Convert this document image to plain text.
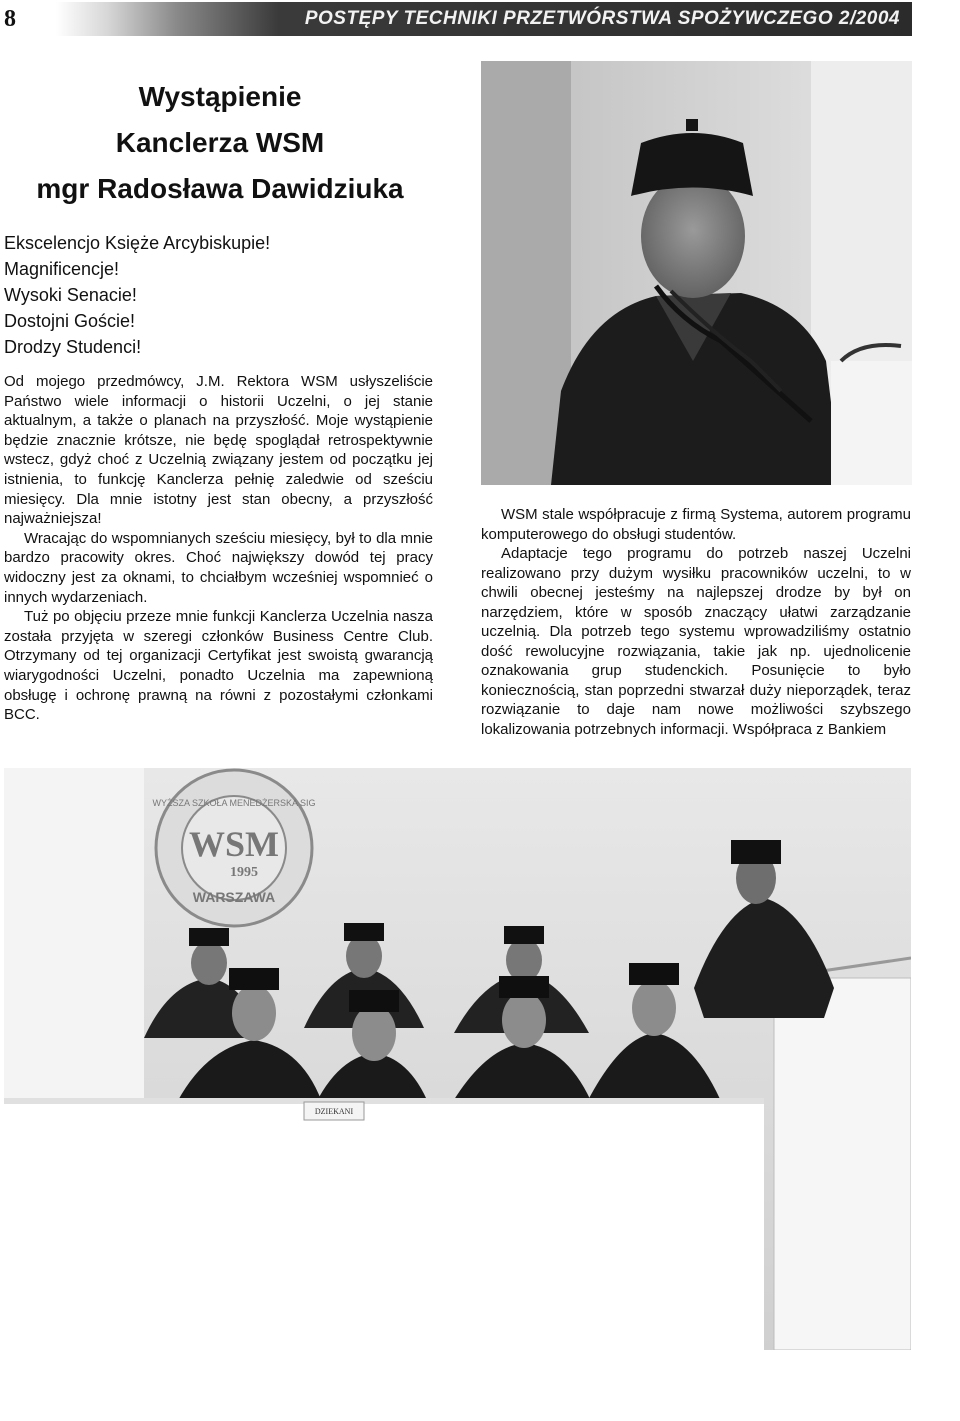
8	POSTĘPY TECHNIKI PRZETWÓRSTWA SPOŻYWCZEGO 2/2004
Wystąpienie
Kanclerza WSM
mgr Radosława Dawidziuka
Ekscelencjo Księże Arcybiskupie!
Magnificencje!
Wysoki Senacie!
Dostojni Goście!
Drodzy Studenci!

Od mojego przedmówcy, J.M. Rektora WSM usłyszeliście Państwo wiele informacji o historii Uczelni, o jej stanie aktualnym, a także o planach na przyszłość. Moje wystąpienie będzie znacznie krótsze, nie będę spoglądał retrospektywnie wstecz, gdyż choć z Uczelnią związany jestem od początku jej istnienia, to funkcję Kanclerza pełnię zaledwie od sześciu miesięcy. Dla mnie istotny jest stan obecny, a przyszłość najważniejsza!

Wracając do wspomnianych sześciu miesięcy, był to dla mnie bardzo pracowity okres. Choć największy dowód tej pracy widoczny jest za oknami, to chciałbym wcześniej wspomnieć o innych wydarzeniach.

Tuż po objęciu przeze mnie funkcji Kanclerza Uczelnia nasza została przyjęta w szeregi członków Business Centre Club. Otrzymany od tej organizacji Certyfikat jest swoistą gwarancją wiarygodności Uczelni, ponadto Uczelnia ma zapewnioną obsługę i ochronę prawną na równi z pozostałymi członkami BCC.

WSM stale współpracuje z firmą Systema, autorem programu komputerowego do obsługi studentów.

Adaptacje tego programu do potrzeb naszej Uczelni realizowano przy dużym wysiłku pracowników uczelni, to w chwili obecnej jesteśmy na najlepszej drodze by był on narzędziem, które w sposób znaczący ułatwi zarządzanie uczelnią. Dla potrzeb tego systemu wprowadziliśmy ostatnio dość rewolucyjne rozwiązania, takie jak np. ujednolicenie oznakowania grup studenckich. Posunięcie to było koniecznością, stan poprzedni stwarzał duży nieporządek, teraz rozwiązanie to daje nam nowe możliwości szybszego lokalizowania potrzebnych informacji. Współpraca z Bankiem

WYŻSZA SZKOŁA MENEDŻERSKA SIG
WSM
1995
WARSZAWA
DZIEKANI
